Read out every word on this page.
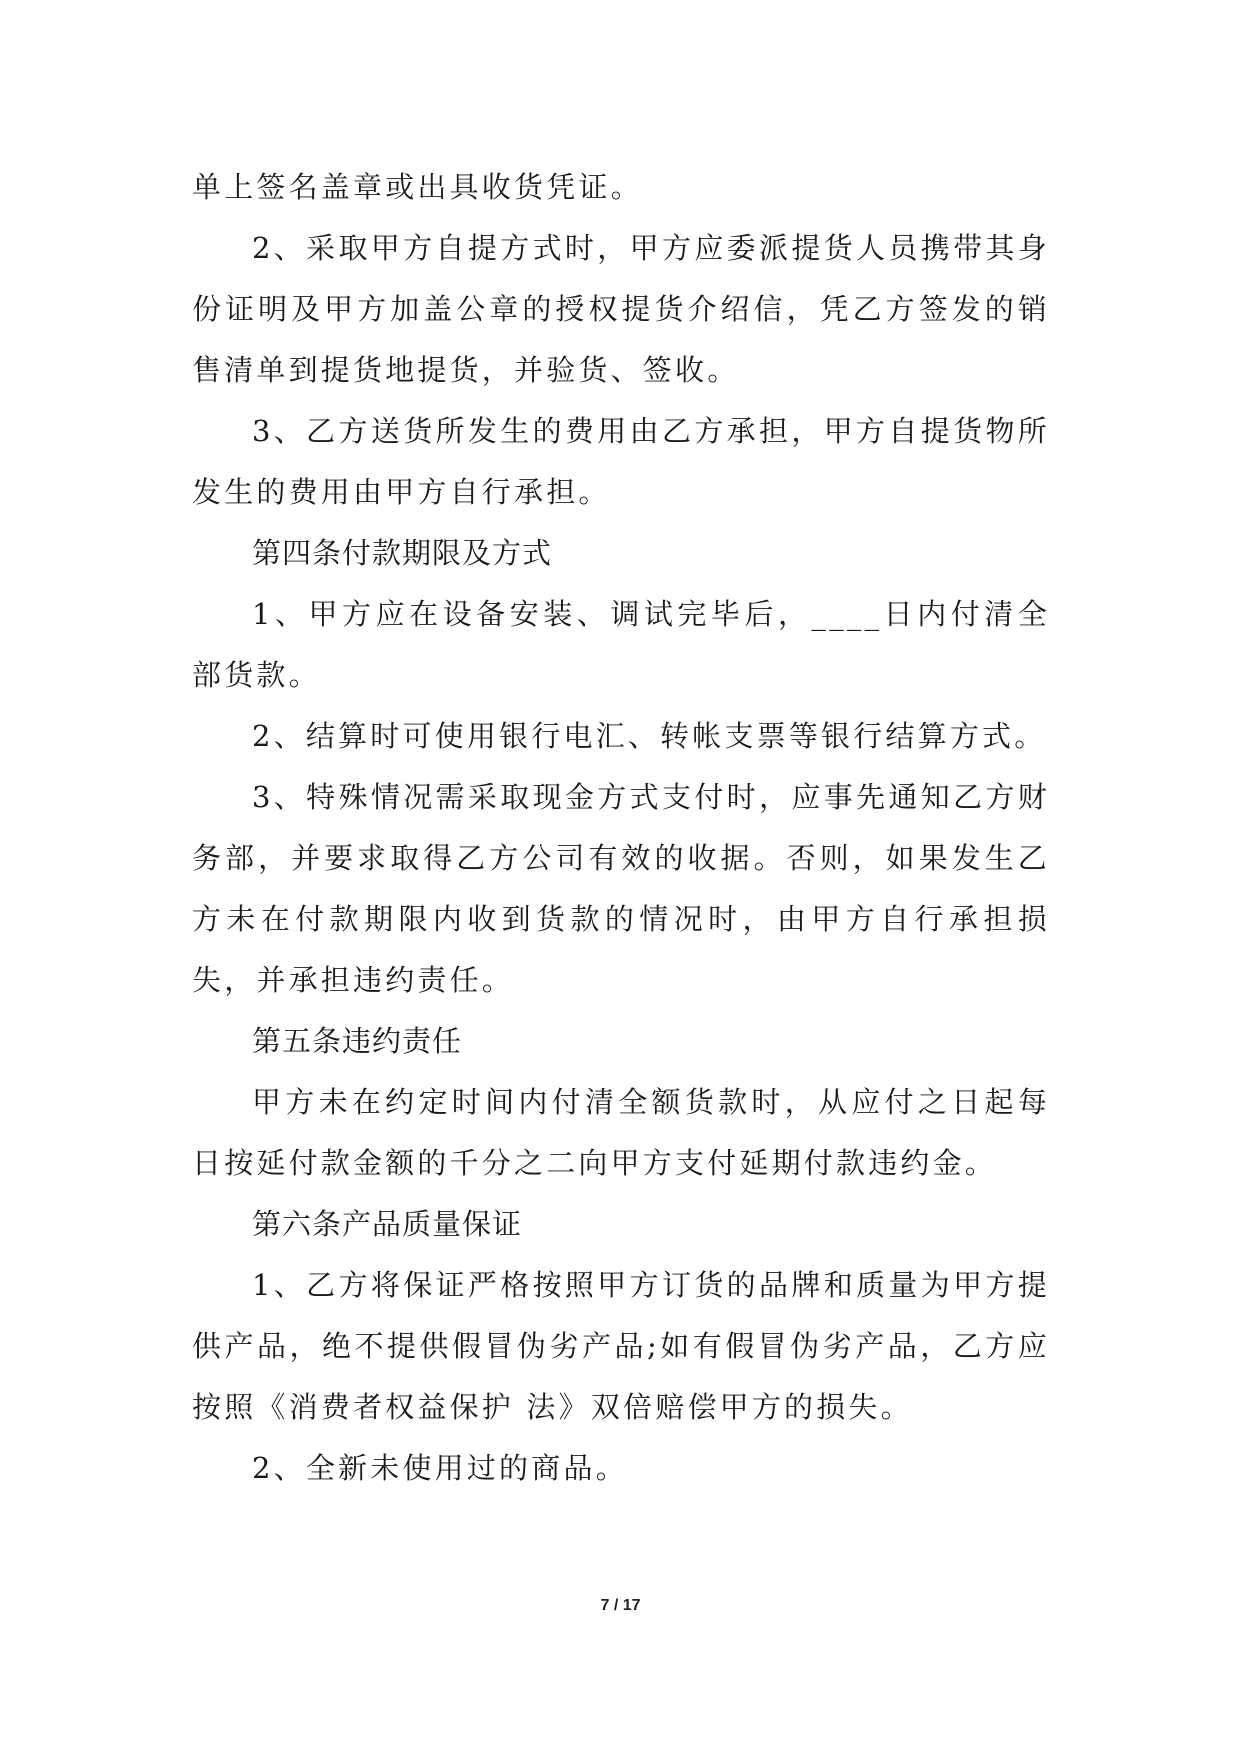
单上签名盖章或出具收货凭证。

2、采取甲方自提方式时，甲方应委派提货人员携带其身份证明及甲方加盖公章的授权提货介绍信，凭乙方签发的销售清单到提货地提货，并验货、签收。

3、乙方送货所发生的费用由乙方承担，甲方自提货物所发生的费用由甲方自行承担。

第四条付款期限及方式

1、甲方应在设备安装、调试完毕后，____日内付清全部货款。

2、结算时可使用银行电汇、转帐支票等银行结算方式。

3、特殊情况需采取现金方式支付时，应事先通知乙方财务部，并要求取得乙方公司有效的收据。否则，如果发生乙方未在付款期限内收到货款的情况时，由甲方自行承担损失，并承担违约责任。

第五条违约责任

甲方未在约定时间内付清全额货款时，从应付之日起每日按延付款金额的千分之二向甲方支付延期付款违约金。

第六条产品质量保证

1、乙方将保证严格按照甲方订货的品牌和质量为甲方提供产品，绝不提供假冒伪劣产品;如有假冒伪劣产品，乙方应按照《消费者权益保护 法》双倍赔偿甲方的损失。

2、全新未使用过的商品。

7 / 17
